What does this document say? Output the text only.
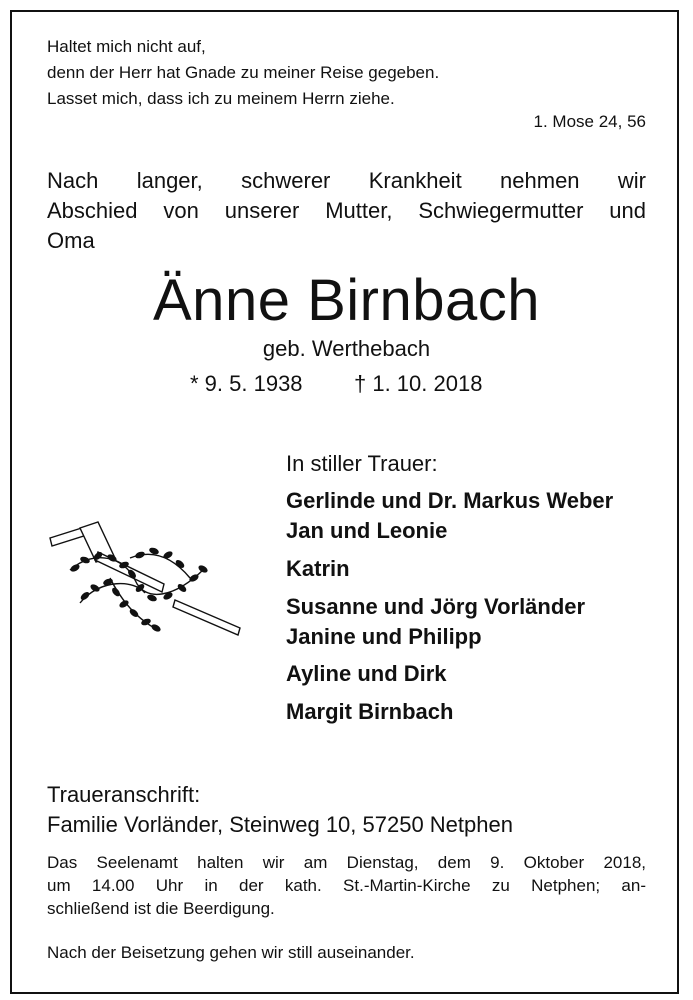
Haltet mich nicht auf,
denn der Herr hat Gnade zu meiner Reise gegeben.
Lasset mich, dass ich zu meinem Herrn ziehe.
1. Mose 24, 56
Nach langer, schwerer Krankheit nehmen wir
Abschied von unserer Mutter, Schwiegermutter und
Oma
Änne Birnbach
geb. Werthebach
* 9. 5. 1938 † 1. 10. 2018
In stiller Trauer:
Gerlinde und Dr. Markus Weber
Jan und Leonie
Katrin
Susanne und Jörg Vorländer
Janine und Philipp
Ayline und Dirk
Margit Birnbach
Traueranschrift:
Familie Vorländer, Steinweg 10, 57250 Netphen
Das Seelenamt halten wir am Dienstag, dem 9. Oktober 2018,
um 14.00 Uhr in der kath. St.-Martin-Kirche zu Netphen; an-
schließend ist die Beerdigung.
Nach der Beisetzung gehen wir still auseinander.
